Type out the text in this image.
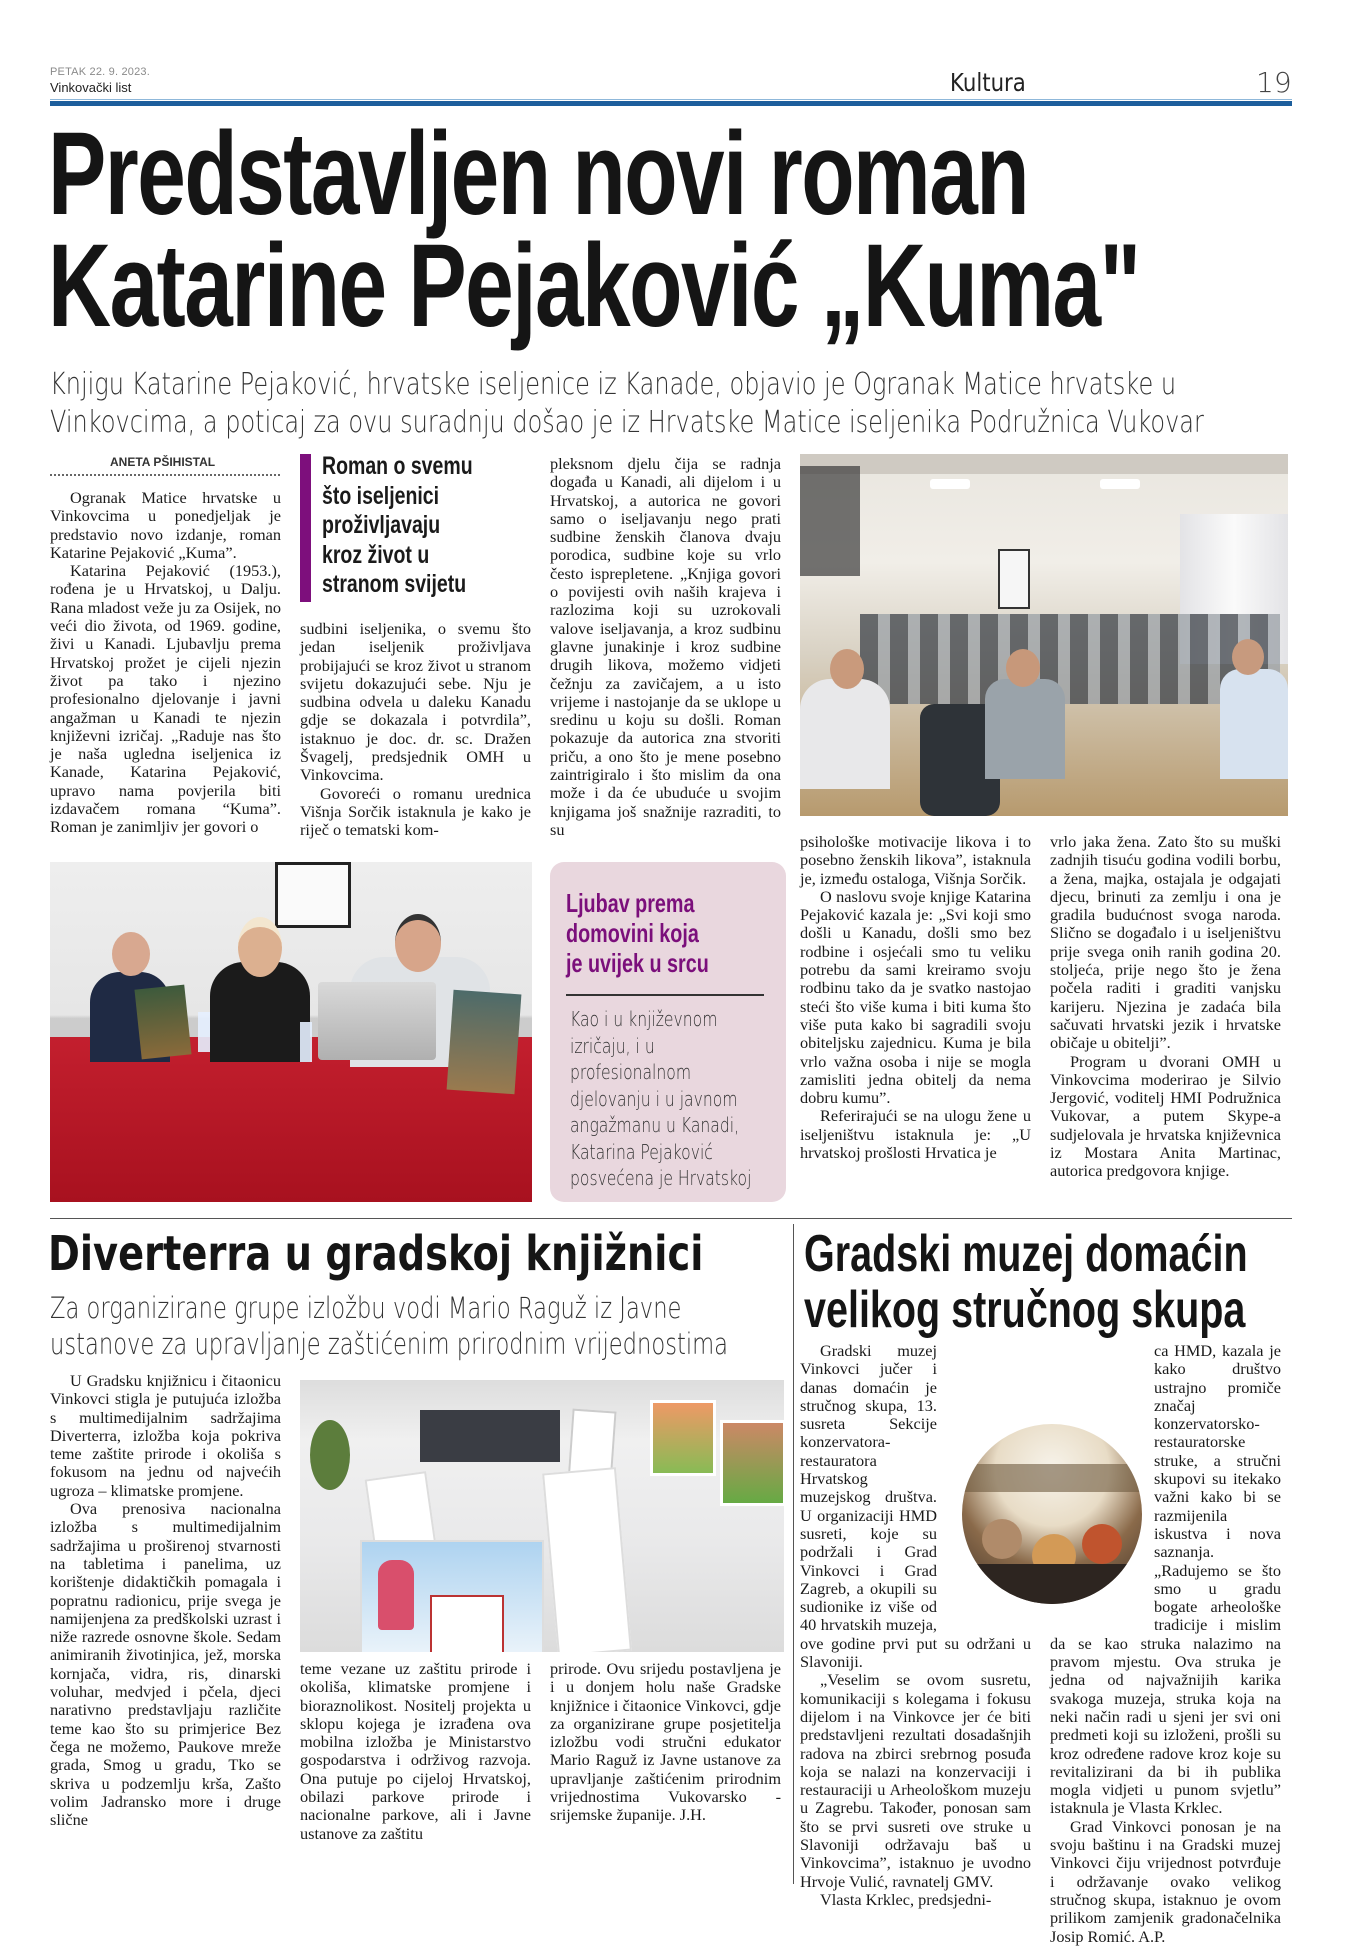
PETAK 22. 9. 2023.
Vinkovački list	Kultura	19
Predstavljen novi roman
Katarine Pejaković „Kuma"
Knjigu Katarine Pejaković, hrvatske iseljenice iz Kanade, objavio je Ogranak Matice hrvatske u
Vinkovcima, a poticaj za ovu suradnju došao je iz Hrvatske Matice iseljenika Podružnica Vukovar
ANETA PŠIHISTAL

Ogranak Matice hrvatske u Vinkovcima u ponedjeljak je predstavio novo izdanje, roman Katarine Pejaković „Kuma”.

Katarina Pejaković (1953.), rođena je u Hrvatskoj, u Dalju. Rana mladost veže ju za Osijek, no veći dio života, od 1969. godine, živi u Kanadi. Ljubavlju prema Hrvatskoj prožet je cijeli njezin život pa tako i njezino profesionalno djelovanje i javni angažman u Kanadi te njezin književni izričaj. „Raduje nas što je naša ugledna iseljenica iz Kanade, Katarina Pejaković, upravo nama povjerila biti izdavačem romana “Kuma”. Roman je zanimljiv jer govori o

Roman o svemu
što iseljenici
proživljavaju
kroz život u
stranom svijetu

sudbini iseljenika, o svemu što jedan iseljenik proživljava probijajući se kroz život u stranom svijetu dokazujući sebe. Nju je sudbina odvela u daleku Kanadu gdje se dokazala i potvrdila”, istaknuo je doc. dr. sc. Dražen Švagelj, predsjednik OMH u Vinkovcima.

Govoreći o romanu urednica Višnja Sorčik istaknula je kako je riječ o tematski kom-

pleksnom djelu čija se radnja događa u Kanadi, ali dijelom i u Hrvatskoj, a autorica ne govori samo o iseljavanju nego prati sudbine ženskih članova dvaju porodica, sudbine koje su vrlo često isprepletene. „Knjiga govori o povijesti ovih naših krajeva i razlozima koji su uzrokovali valove iseljavanja, a kroz sudbinu glavne junakinje i kroz sudbine drugih likova, možemo vidjeti čežnju za zavičajem, a u isto vrijeme i nastojanje da se uklope u sredinu u koju su došli. Roman pokazuje da autorica zna stvoriti priču, a ono što je mene posebno zaintrigiralo i što mislim da ona može i da će ubuduće u svojim knjigama još snažnije razraditi, to su

Ljubav prema
domovini koja
je uvijek u srcu
Kao i u književnom
izričaju, i u
profesionalnom
djelovanju i u javnom
angažmanu u Kanadi,
Katarina Pejaković
posvećena je Hrvatskoj

psihološke motivacije likova i to posebno ženskih likova”, istaknula je, između ostaloga, Višnja Sorčik.

O naslovu svoje knjige Katarina Pejaković kazala je: „Svi koji smo došli u Kanadu, došli smo bez rodbine i osjećali smo tu veliku potrebu da sami kreiramo svoju rodbinu tako da je svatko nastojao steći što više kuma i biti kuma što više puta kako bi sagradili svoju obiteljsku zajednicu. Kuma je bila vrlo važna osoba i nije se mogla zamisliti jedna obitelj da nema dobru kumu”.

Referirajući se na ulogu žene u iseljeništvu istaknula je: „U hrvatskoj prošlosti Hrvatica je

vrlo jaka žena. Zato što su muški zadnjih tisuću godina vodili borbu, a žena, majka, ostajala je odgajati djecu, brinuti za zemlju i ona je gradila budućnost svoga naroda. Slično se događalo i u iseljeništvu prije svega onih ranih godina 20. stoljeća, prije nego što je žena počela raditi i graditi vanjsku karijeru. Njezina je zadaća bila sačuvati hrvatski jezik i hrvatske običaje u obitelji”.

Program u dvorani OMH u Vinkovcima moderirao je Silvio Jergović, voditelj HMI Podružnica Vukovar, a putem Skype-a sudjelovala je hrvatska književnica iz Mostara Anita Martinac, autorica predgovora knjige.

Diverterra u gradskoj knjižnici
Za organizirane grupe izložbu vodi Mario Raguž iz Javne
ustanove za upravljanje zaštićenim prirodnim vrijednostima

U Gradsku knjižnicu i čitaonicu Vinkovci stigla je putujuća izložba s multimedijalnim sadržajima Diverterra, izložba koja pokriva teme zaštite prirode i okoliša s fokusom na jednu od najvećih ugroza – klimatske promjene.

Ova prenosiva nacionalna izložba s multimedijalnim sadržajima u proširenoj stvarnosti na tabletima i panelima, uz korištenje didaktičkih pomagala i popratnu radionicu, prije svega je namijenjena za predškolski uzrast i niže razrede osnovne škole. Sedam animiranih životinjica, jež, morska kornjača, vidra, ris, dinarski voluhar, medvjed i pčela, djeci narativno predstavljaju različite teme kao što su primjerice Bez čega ne možemo, Paukove mreže grada, Smog u gradu, Tko se skriva u podzemlju krša, Zašto volim Jadransko more i druge slične

teme vezane uz zaštitu prirode i okoliša, klimatske promjene i bioraznolikost. Nositelj projekta u sklopu kojega je izrađena ova mobilna izložba je Ministarstvo gospodarstva i održivog razvoja. Ona putuje po cijeloj Hrvatskoj, obilazi parkove prirode i nacionalne parkove, ali i Javne ustanove za zaštitu

prirode. Ovu srijedu postavljena je i u donjem holu naše Gradske knjižnice i čitaonice Vinkovci, gdje za organizirane grupe posjetitelja izložbu vodi stručni edukator Mario Raguž iz Javne ustanove za upravljanje zaštićenim prirodnim vrijednostima Vukovarsko - srijemske županije. J.H.

Gradski muzej domaćin
velikog stručnog skupa

Gradski muzej Vinkovci jučer i danas domaćin je stručnog skupa, 13. susreta Sekcije konzervatora-restauratora Hrvatskog muzejskog društva. U organizaciji HMD susreti, koje su podržali i Grad Vinkovci i Grad Zagreb, a okupili su sudionike iz više od 40 hrvatskih muzeja, ove godine prvi put su održani u Slavoniji.

„Veselim se ovom susretu, komunikaciji s kolegama i fokusu dijelom i na Vinkovce jer će biti predstavljeni rezultati dosadašnjih radova na zbirci srebrnog posuđa koja se nalazi na konzervaciji i restauraciji u Arheološkom muzeju u Zagrebu. Također, ponosan sam što se prvi susreti ove struke u Slavoniji održavaju baš u Vinkovcima”, istaknuo je uvodno Hrvoje Vulić, ravnatelj GMV.

Vlasta Krklec, predsjedni-

ca HMD, kazala je kako društvo ustrajno promiče značaj konzervatorsko-restauratorske struke, a stručni skupovi su itekako važni kako bi se razmijenila iskustva i nova saznanja. „Radujemo se što smo u gradu bogate arheološke tradicije i mislim da se kao struka nalazimo na pravom mjestu. Ova struka je jedna od najvažnijih karika svakoga muzeja, struka koja na neki način radi u sjeni jer svi oni predmeti koji su izloženi, prošli su kroz određene radove kroz koje su revitalizirani da bi ih publika mogla vidjeti u punom svjetlu” istaknula je Vlasta Krklec.

Grad Vinkovci ponosan je na svoju baštinu i na Gradski muzej Vinkovci čiju vrijednost potvrđuje i održavanje ovako velikog stručnog skupa, istaknuo je ovom prilikom zamjenik gradonačelnika Josip Romić. A.P.
